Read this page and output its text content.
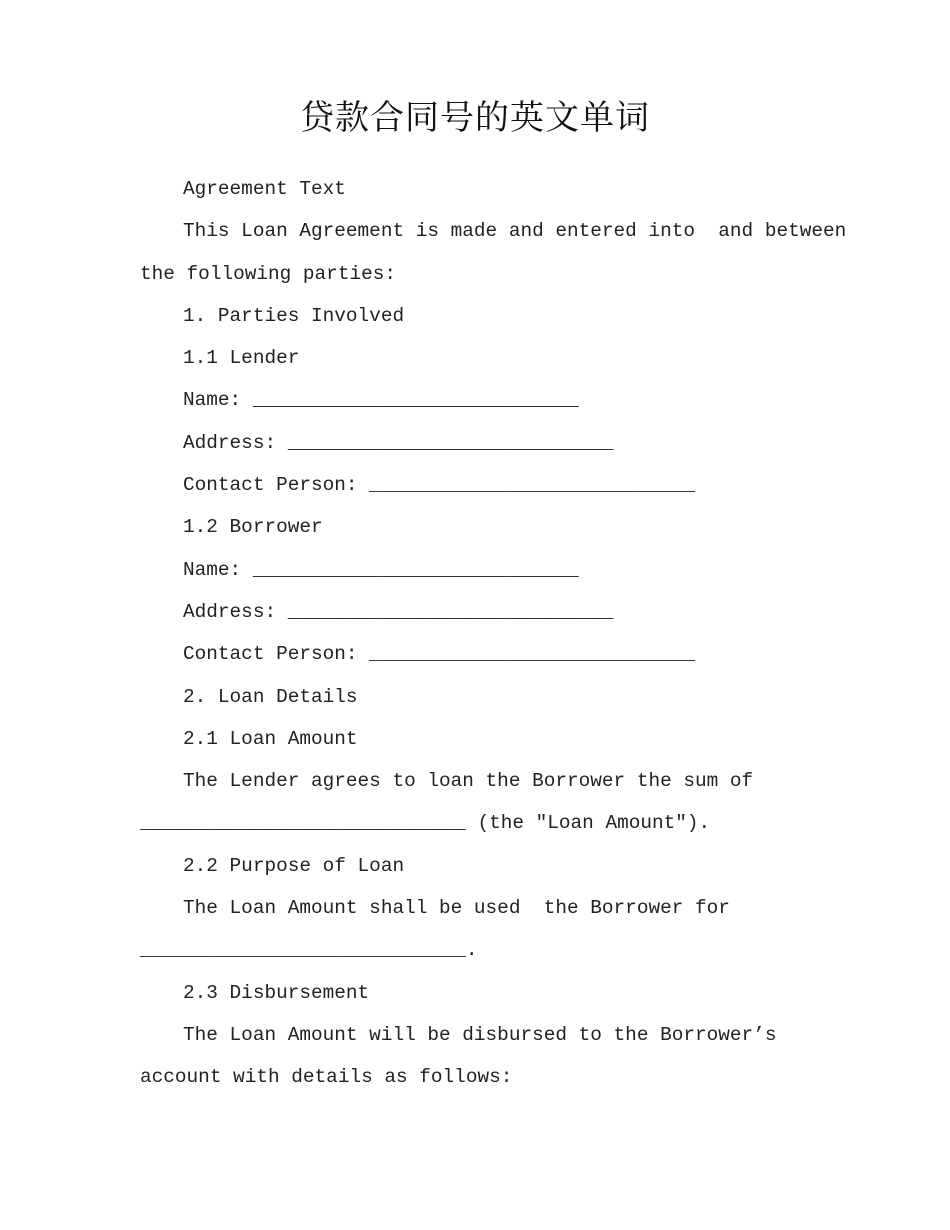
贷款合同号的英文单词
Agreement Text
This Loan Agreement is made and entered into  and between
the following parties:
1. Parties Involved
1.1 Lender
Name: ____________________________
Address: ____________________________
Contact Person: ____________________________
1.2 Borrower
Name: ____________________________
Address: ____________________________
Contact Person: ____________________________
2. Loan Details
2.1 Loan Amount
The Lender agrees to loan the Borrower the sum of
____________________________ (the "Loan Amount").
2.2 Purpose of Loan
The Loan Amount shall be used  the Borrower for
____________________________.
2.3 Disbursement
The Loan Amount will be disbursed to the Borrower’s
account with details as follows:
